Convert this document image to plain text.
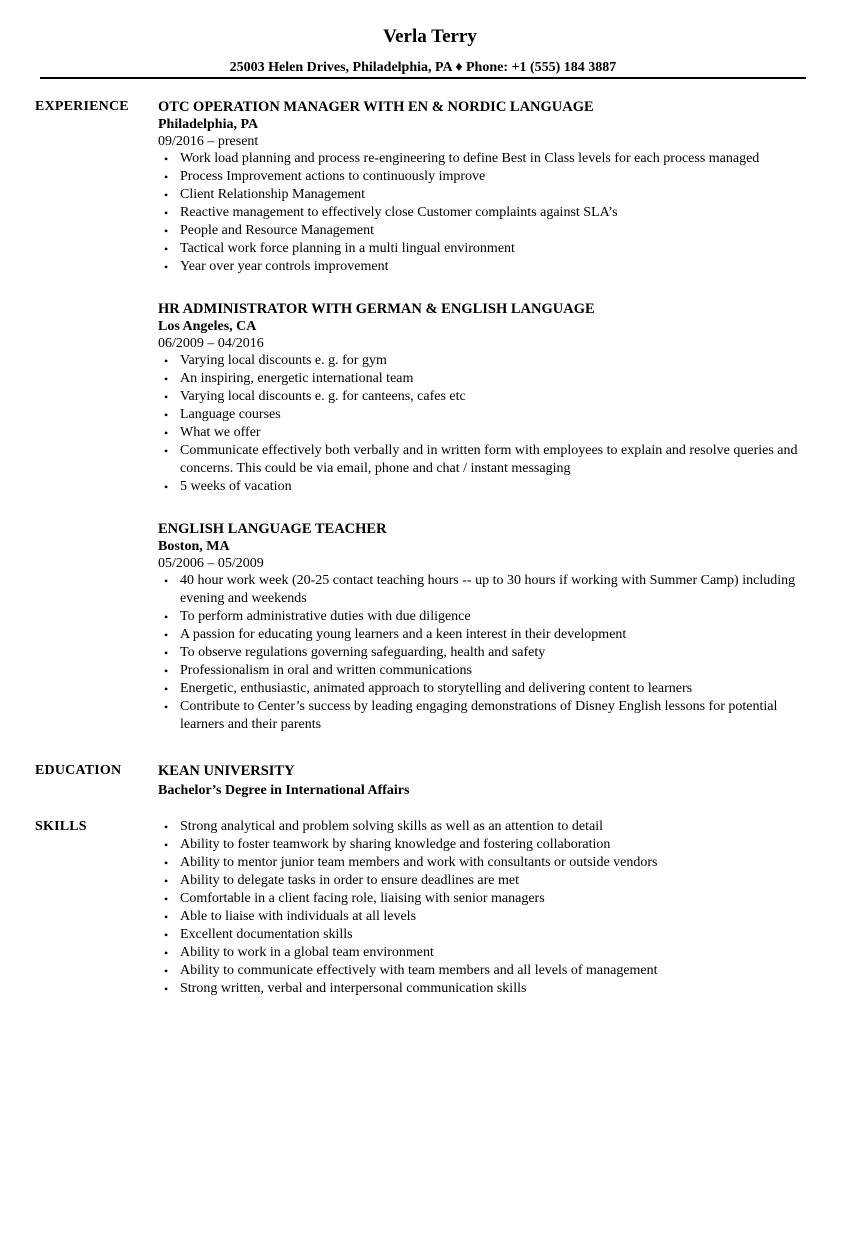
Verla Terry
25003 Helen Drives, Philadelphia, PA ♦ Phone: +1 (555) 184 3887
EXPERIENCE OTC OPERATION MANAGER WITH EN & NORDIC LANGUAGE
Philadelphia, PA
09/2016 – present
• Work load planning and process re-engineering to define Best in Class levels for each process managed
• Process Improvement actions to continuously improve
• Client Relationship Management
• Reactive management to effectively close Customer complaints against SLA’s
• People and Resource Management
• Tactical work force planning in a multi lingual environment
• Year over year controls improvement
HR ADMINISTRATOR WITH GERMAN & ENGLISH LANGUAGE
Los Angeles, CA
06/2009 – 04/2016
• Varying local discounts e. g. for gym
• An inspiring, energetic international team
• Varying local discounts e. g. for canteens, cafes etc
• Language courses
• What we offer
• Communicate effectively both verbally and in written form with employees to explain and resolve queries and concerns. This could be via email, phone and chat / instant messaging
• 5 weeks of vacation
ENGLISH LANGUAGE TEACHER
Boston, MA
05/2006 – 05/2009
• 40 hour work week (20-25 contact teaching hours -- up to 30 hours if working with Summer Camp) including evening and weekends
• To perform administrative duties with due diligence
• A passion for educating young learners and a keen interest in their development
• To observe regulations governing safeguarding, health and safety
• Professionalism in oral and written communications
• Energetic, enthusiastic, animated approach to storytelling and delivering content to learners
• Contribute to Center’s success by leading engaging demonstrations of Disney English lessons for potential learners and their parents
EDUCATION	KEAN UNIVERSITY
Bachelor’s Degree in International Affairs
SKILLS
•	Strong analytical and problem solving skills as well as an attention to detail
• Ability to foster teamwork by sharing knowledge and fostering collaboration
• Ability to mentor junior team members and work with consultants or outside vendors
• Ability to delegate tasks in order to ensure deadlines are met
• Comfortable in a client facing role, liaising with senior managers
• Able to liaise with individuals at all levels
• Excellent documentation skills
• Ability to work in a global team environment
• Ability to communicate effectively with team members and all levels of management
• Strong written, verbal and interpersonal communication skills
